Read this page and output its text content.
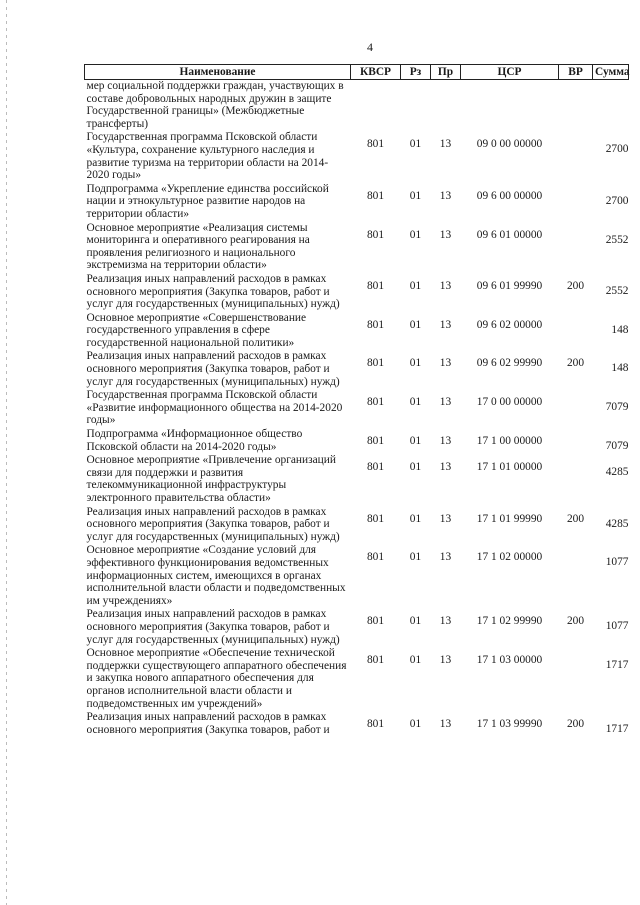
4
Наименование	КВСР	Рз	Пр	ЦСР	ВР	Сумма
мер социальной поддержки граждан, участвующих в составе добровольных народных дружин в защите Государственной границы» (Межбюджетные трансферты)						
Государственная программа Псковской области «Культура, сохранение культурного наследия и развитие туризма на территории области на 2014-2020 годы»	801	01	13	09 0 00 00000		2700
Подпрограмма «Укрепление единства российской нации и этнокультурное развитие народов на территории области»	801	01	13	09 6 00 00000		2700
Основное мероприятие «Реализация системы мониторинга и оперативного реагирования на проявления религиозного и национального экстремизма на территории области»	801	01	13	09 6 01 00000		2552
Реализация иных направлений расходов в рамках основного мероприятия (Закупка товаров, работ и услуг для государственных (муниципальных) нужд)	801	01	13	09 6 01 99990	200	2552
Основное мероприятие «Совершенствование государственного управления в сфере государственной национальной политики»	801	01	13	09 6 02 00000		148
Реализация иных направлений расходов в рамках основного мероприятия (Закупка товаров, работ и услуг для государственных (муниципальных) нужд)	801	01	13	09 6 02 99990	200	148
Государственная программа Псковской области «Развитие информационного общества на 2014-2020 годы»	801	01	13	17 0 00 00000		7079
Подпрограмма «Информационное общество Псковской области на 2014-2020 годы»	801	01	13	17 1 00 00000		7079
Основное мероприятие «Привлечение организаций связи для поддержки и развития телекоммуникационной инфраструктуры электронного правительства области»	801	01	13	17 1 01 00000		4285
Реализация иных направлений расходов в рамках основного мероприятия (Закупка товаров, работ и услуг для государственных (муниципальных) нужд)	801	01	13	17 1 01 99990	200	4285
Основное мероприятие «Создание условий для эффективного функционирования ведомственных информационных систем, имеющихся в органах исполнительной власти области и подведомственных им учреждениях»	801	01	13	17 1 02 00000		1077
Реализация иных направлений расходов в рамках основного мероприятия (Закупка товаров, работ и услуг для государственных (муниципальных) нужд)	801	01	13	17 1 02 99990	200	1077
Основное мероприятие «Обеспечение технической поддержки существующего аппаратного обеспечения и закупка нового аппаратного обеспечения для органов исполнительной власти области и подведомственных им учреждений»	801	01	13	17 1 03 00000		1717
Реализация иных направлений расходов в рамках основного мероприятия (Закупка товаров, работ и	801	01	13	17 1 03 99990	200	1717
